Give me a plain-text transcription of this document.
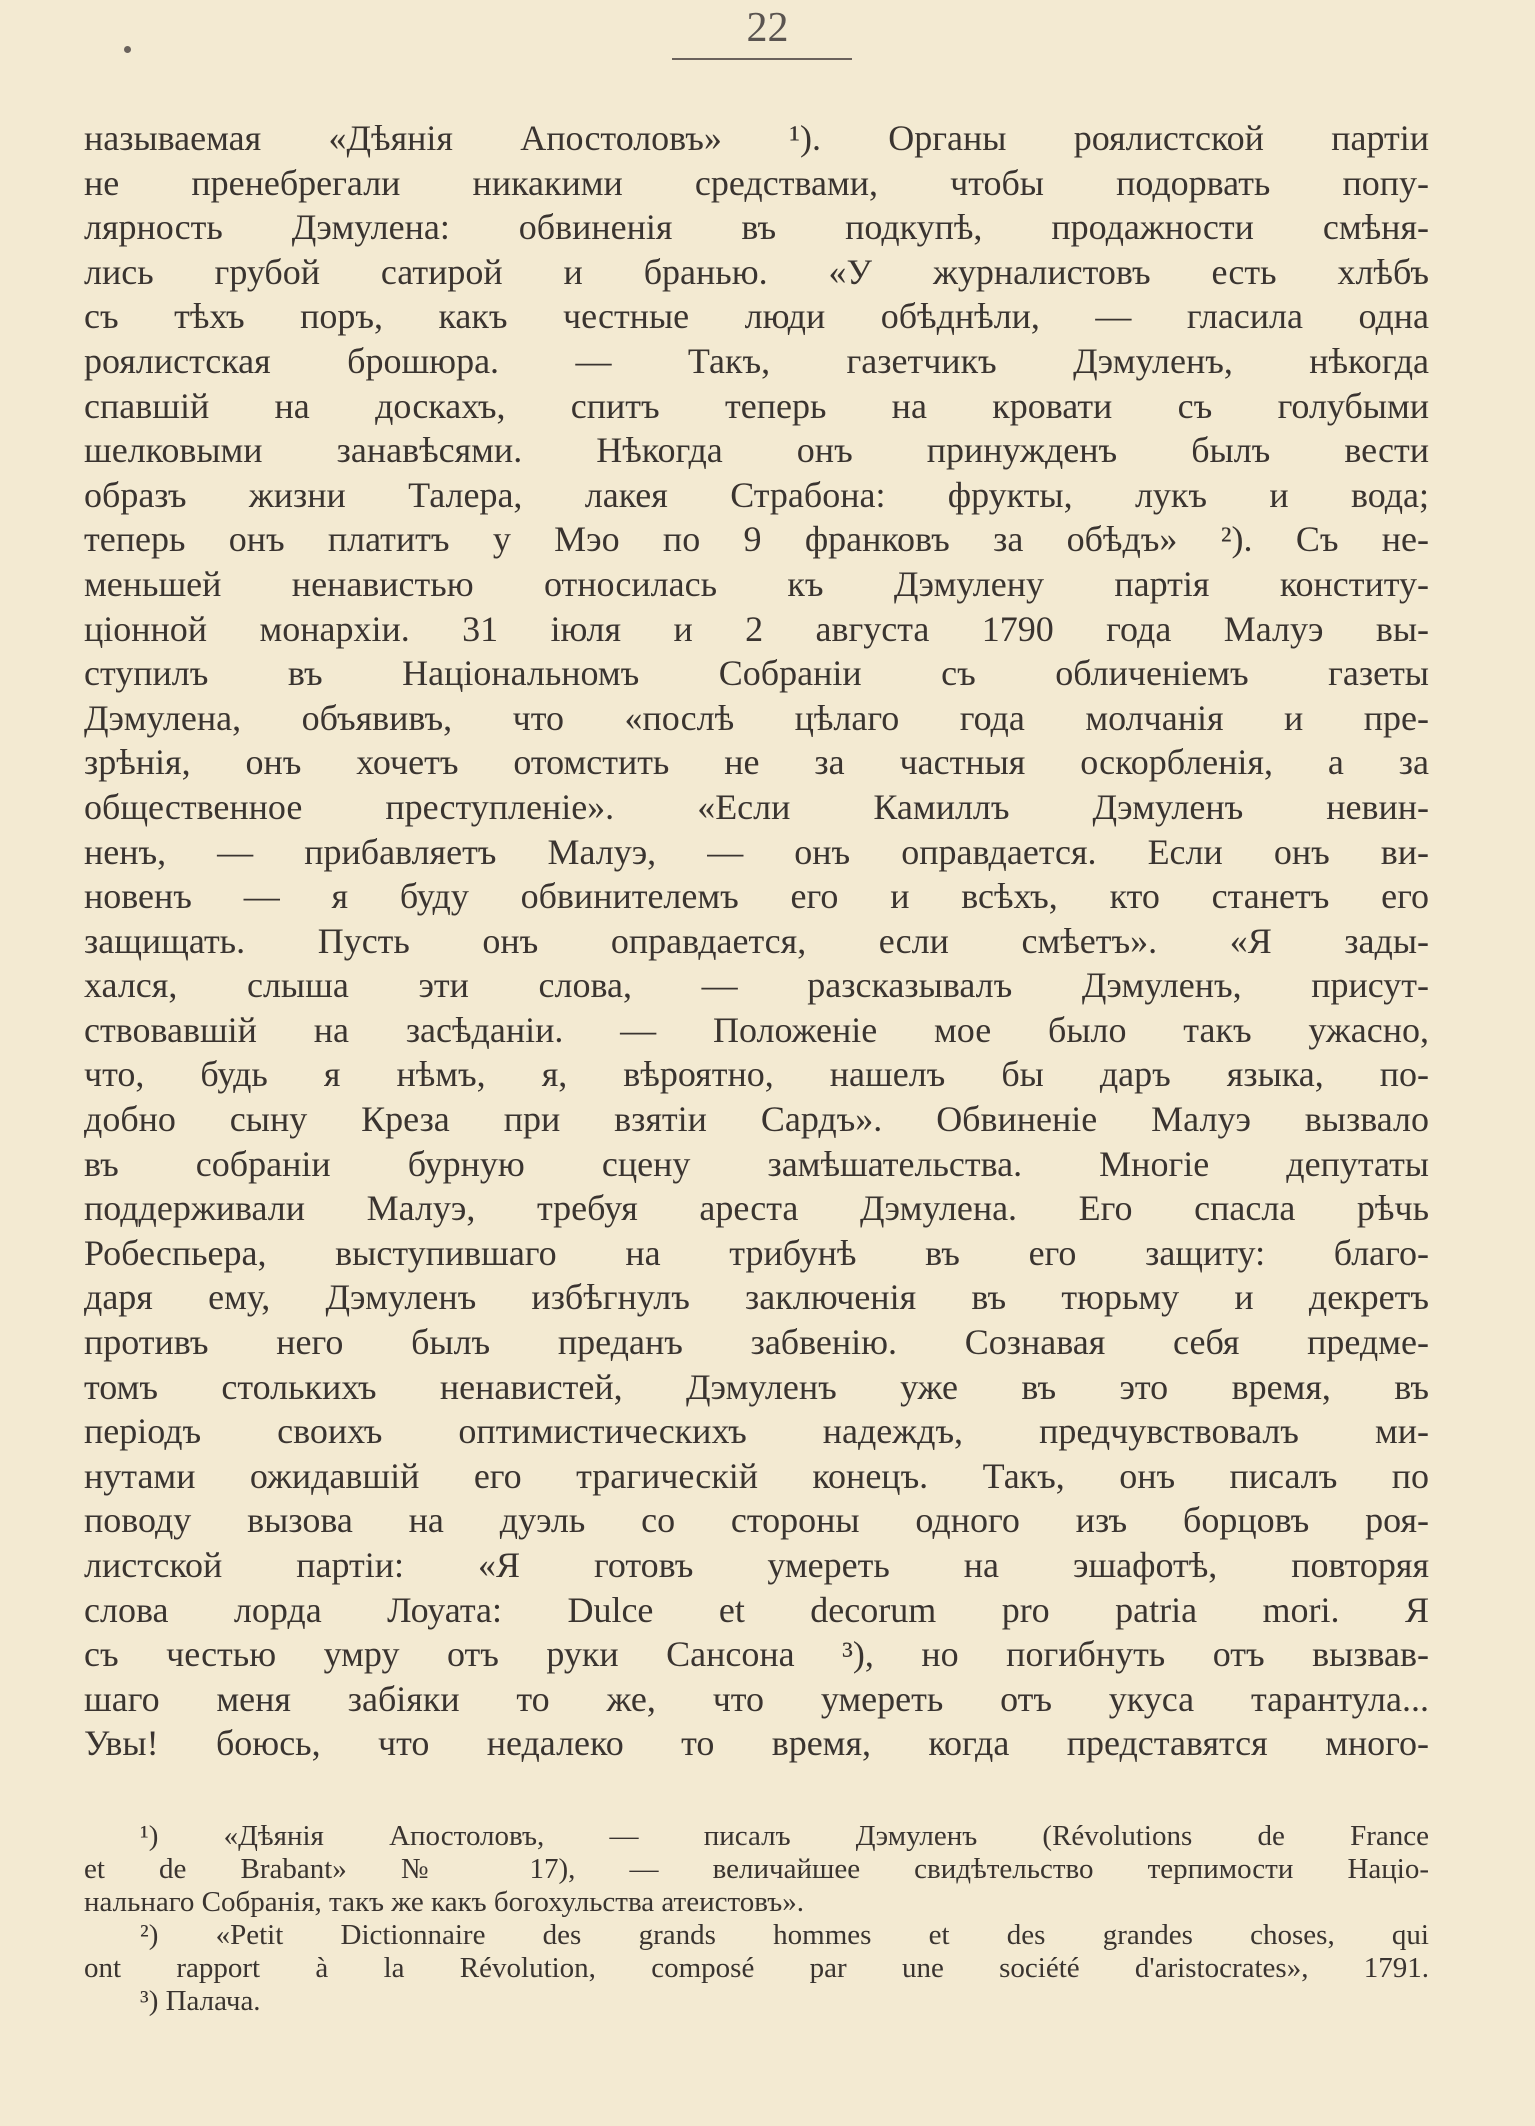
22
называемая «Дѣянія Апостоловъ» ¹). Органы роялистской партіи
не пренебрегали никакими средствами, чтобы подорвать попу-
лярность Дэмулена: обвиненія въ подкупѣ, продажности смѣня-
лись грубой сатирой и бранью. «У журналистовъ есть хлѣбъ
съ тѣхъ поръ, какъ честные люди обѣднѣли, — гласила одна
роялистская брошюра. — Такъ, газетчикъ Дэмуленъ, нѣкогда
спавшій на доскахъ, спитъ теперь на кровати съ голубыми
шелковыми занавѣсями. Нѣкогда онъ принужденъ былъ вести
образъ жизни Талера, лакея Страбона: фрукты, лукъ и вода;
теперь онъ платитъ у Мэо по 9 франковъ за обѣдъ» ²). Съ не-
меньшей ненавистью относилась къ Дэмулену партія конститу-
ціонной монархіи. 31 іюля и 2 августа 1790 года Малуэ вы-
ступилъ въ Національномъ Собраніи съ обличеніемъ газеты
Дэмулена, объявивъ, что «послѣ цѣлаго года молчанія и пре-
зрѣнія, онъ хочетъ отомстить не за частныя оскорбленія, а за
общественное преступленіе». «Если Камиллъ Дэмуленъ невин-
ненъ, — прибавляетъ Малуэ, — онъ оправдается. Если онъ ви-
новенъ — я буду обвинителемъ его и всѣхъ, кто станетъ его
защищать. Пусть онъ оправдается, если смѣетъ». «Я зады-
хался, слыша эти слова, — разсказывалъ Дэмуленъ, присут-
ствовавшій на засѣданіи. — Положеніе мое было такъ ужасно,
что, будь я нѣмъ, я, вѣроятно, нашелъ бы даръ языка, по-
добно сыну Креза при взятіи Сардъ». Обвиненіе Малуэ вызвало
въ собраніи бурную сцену замѣшательства. Многіе депутаты
поддерживали Малуэ, требуя ареста Дэмулена. Его спасла рѣчь
Робеспьера, выступившаго на трибунѣ въ его защиту: благо-
даря ему, Дэмуленъ избѣгнулъ заключенія въ тюрьму и декретъ
противъ него былъ преданъ забвенію. Сознавая себя предме-
томъ столькихъ ненавистей, Дэмуленъ уже въ это время, въ
періодъ своихъ оптимистическихъ надеждъ, предчувствовалъ ми-
нутами ожидавшій его трагическій конецъ. Такъ, онъ писалъ по
поводу вызова на дуэль со стороны одного изъ борцовъ роя-
листской партіи: «Я готовъ умереть на эшафотѣ, повторяя
слова лорда Лоуата: Dulce et decorum pro patria mori. Я
съ честью умру отъ руки Сансона ³), но погибнуть отъ вызвав-
шаго меня забіяки то же, что умереть отъ укуса тарантула...
Увы! боюсь, что недалеко то время, когда представятся много-
¹) «Дѣянія Апостоловъ, — писалъ Дэмуленъ (Révolutions de France
et de Brabant» № 17), — величайшее свидѣтельство терпимости Націо-
нальнаго Собранія, такъ же какъ богохульства атеистовъ».
²) «Petit Dictionnaire des grands hommes et des grandes choses, qui
ont rapport à la Révolution, composé par une société d'aristocrates», 1791.
³) Палача.
